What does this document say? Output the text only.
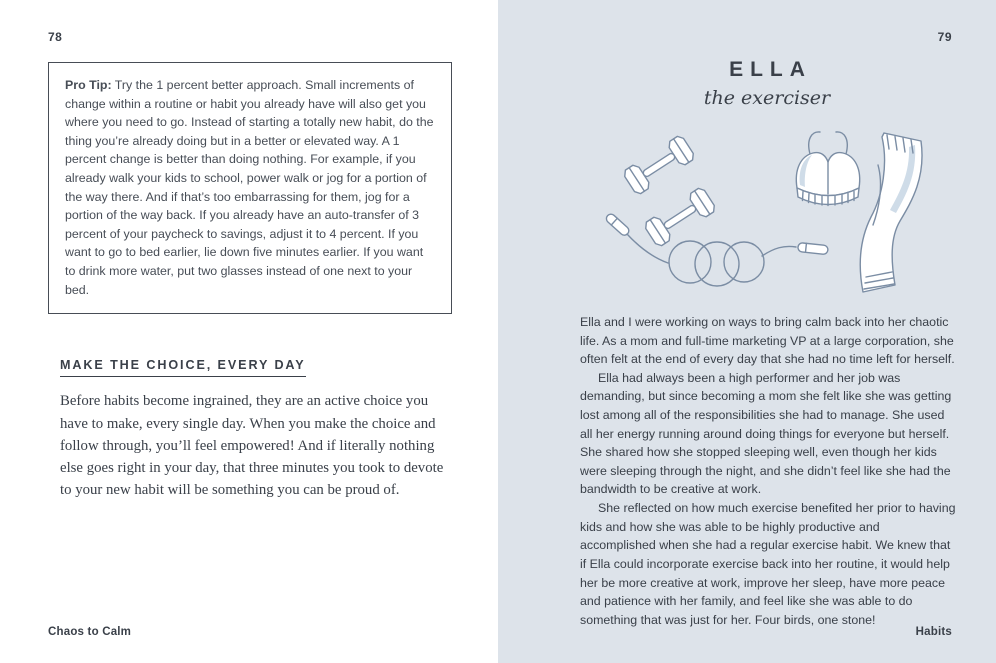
78
Pro Tip: Try the 1 percent better approach. Small increments of change within a routine or habit you already have will also get you where you need to go. Instead of starting a totally new habit, do the thing you’re already doing but in a better or elevated way. A 1 percent change is better than doing nothing. For example, if you already walk your kids to school, power walk or jog for a portion of the way there. And if that’s too embarrassing for them, jog for a portion of the way back. If you already have an auto-transfer of 3 percent of your paycheck to savings, adjust it to 4 percent. If you want to go to bed earlier, lie down five minutes earlier. If you want to drink more water, put two glasses instead of one next to your bed.
MAKE THE CHOICE, EVERY DAY

Before habits become ingrained, they are an active choice you have to make, every single day. When you make the choice and follow through, you’ll feel empowered! And if literally nothing else goes right in your day, that three minutes you took to devote to your new habit will be something you can be proud of.

Chaos to Calm
79
ELLA
the exerciser

Ella and I were working on ways to bring calm back into her chaotic life. As a mom and full-time marketing VP at a large corporation, she often felt at the end of every day that she had no time left for herself.

Ella had always been a high performer and her job was demanding, but since becoming a mom she felt like she was getting lost among all of the responsibilities she had to manage. She used all her energy running around doing things for everyone but herself. She shared how she stopped sleeping well, even though her kids were sleeping through the night, and she didn’t feel like she had the bandwidth to be creative at work.

She reflected on how much exercise benefited her prior to having kids and how she was able to be highly productive and accomplished when she had a regular exercise habit. We knew that if Ella could incorporate exercise back into her routine, it would help her be more creative at work, improve her sleep, have more peace and patience with her family, and feel like she was able to do something that was just for her. Four birds, one stone!

Habits
